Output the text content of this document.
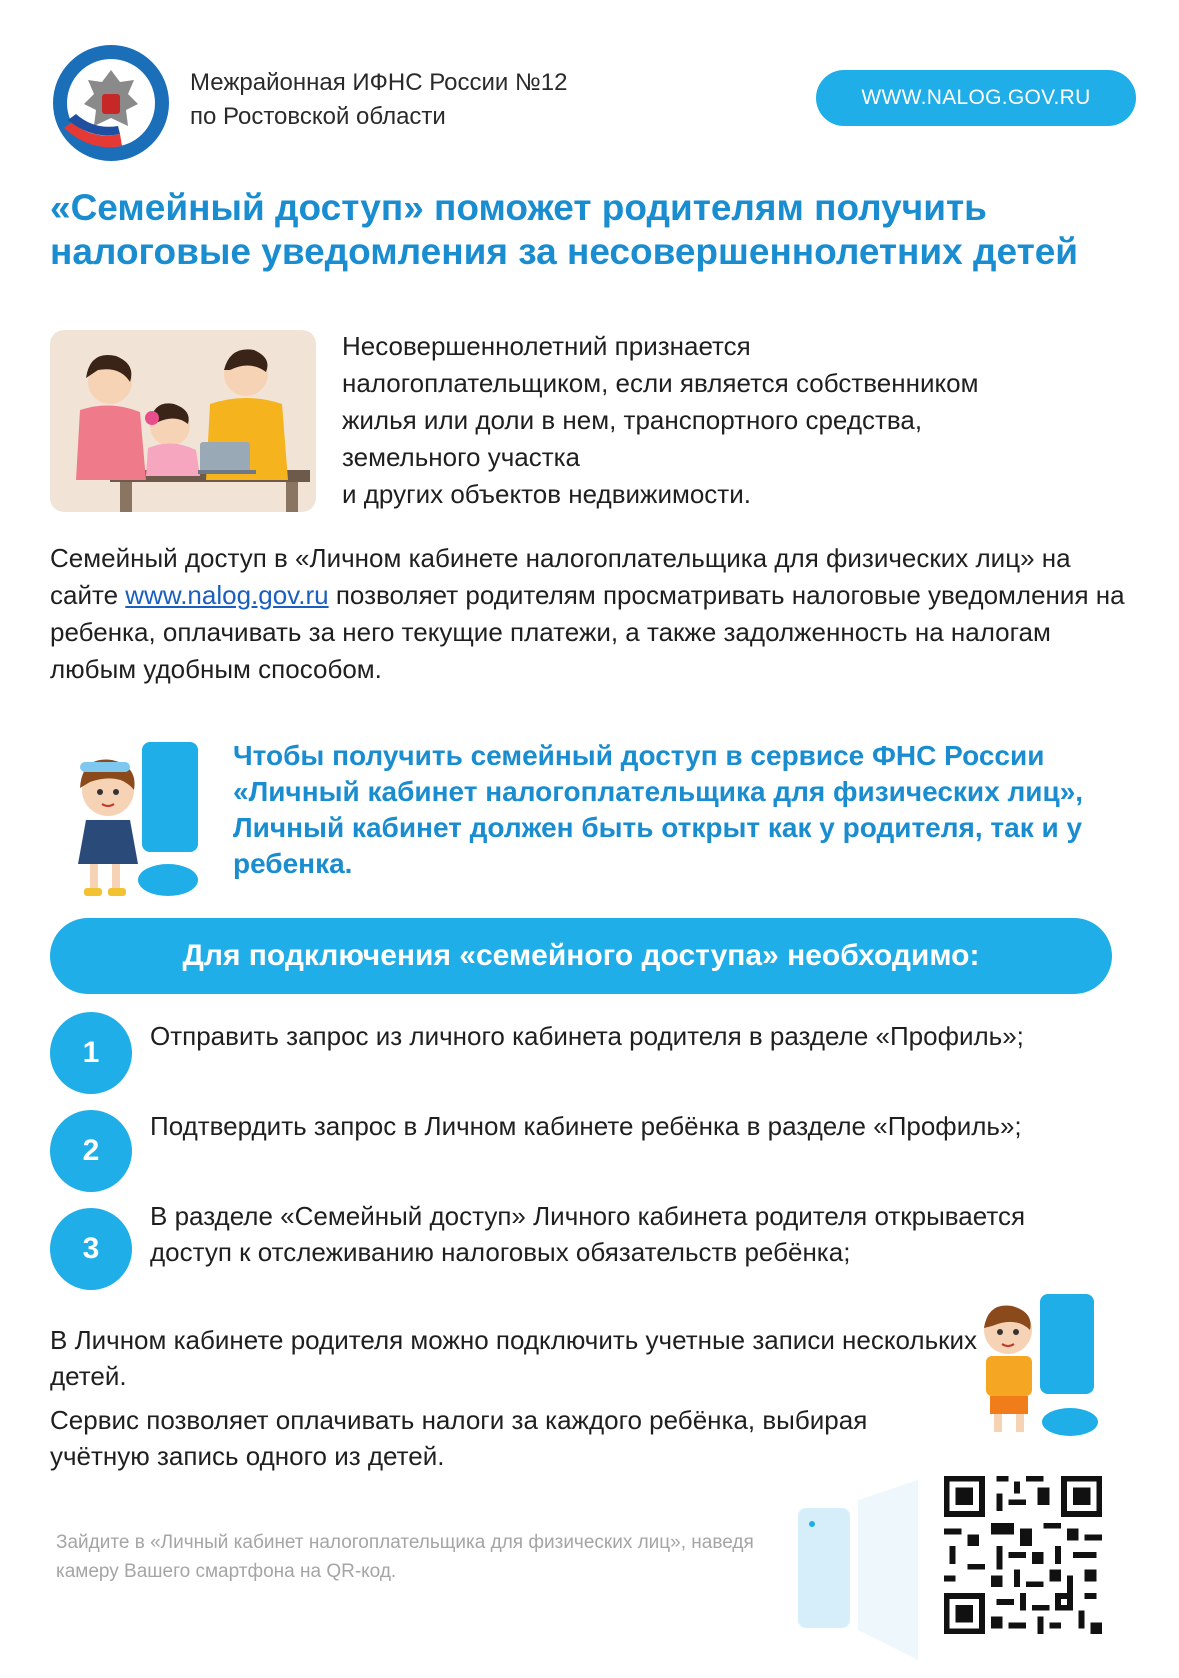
Межрайонная ИФНС России №12
по Ростовской области
WWW.NALOG.GOV.RU
«Семейный доступ» поможет родителям получить налоговые уведомления за несовершеннолетних детей
Несовершеннолетний признается
налогоплательщиком, если является собственником
жилья или доли в нем, транспортного средства,
земельного участка
и других объектов недвижимости.
Семейный доступ в «Личном кабинете налогоплательщика для физических лиц» на сайте www.nalog.gov.ru позволяет родителям просматривать налоговые уведомления на ребенка, оплачивать за него текущие платежи, а также задолженность на налогам любым удобным способом.
Чтобы получить семейный доступ в сервисе ФНС России «Личный кабинет налогоплательщика для физических лиц», Личный кабинет должен быть открыт как у родителя, так и у ребенка.
Для подключения «семейного доступа» необходимо:
1	Отправить запрос из личного кабинета родителя в разделе «Профиль»;
2
Подтвердить запрос в Личном кабинете ребёнка в разделе «Профиль»;
3
В разделе «Семейный доступ» Личного кабинета родителя открывается доступ к отслеживанию налоговых обязательств ребёнка;
В Личном кабинете родителя можно подключить учетные записи нескольких детей.
Сервис позволяет оплачивать налоги за каждого ребёнка, выбирая учётную запись одного из детей.
Зайдите в «Личный кабинет налогоплательщика для физических лиц», наведя камеру Вашего смартфона на QR-код.
